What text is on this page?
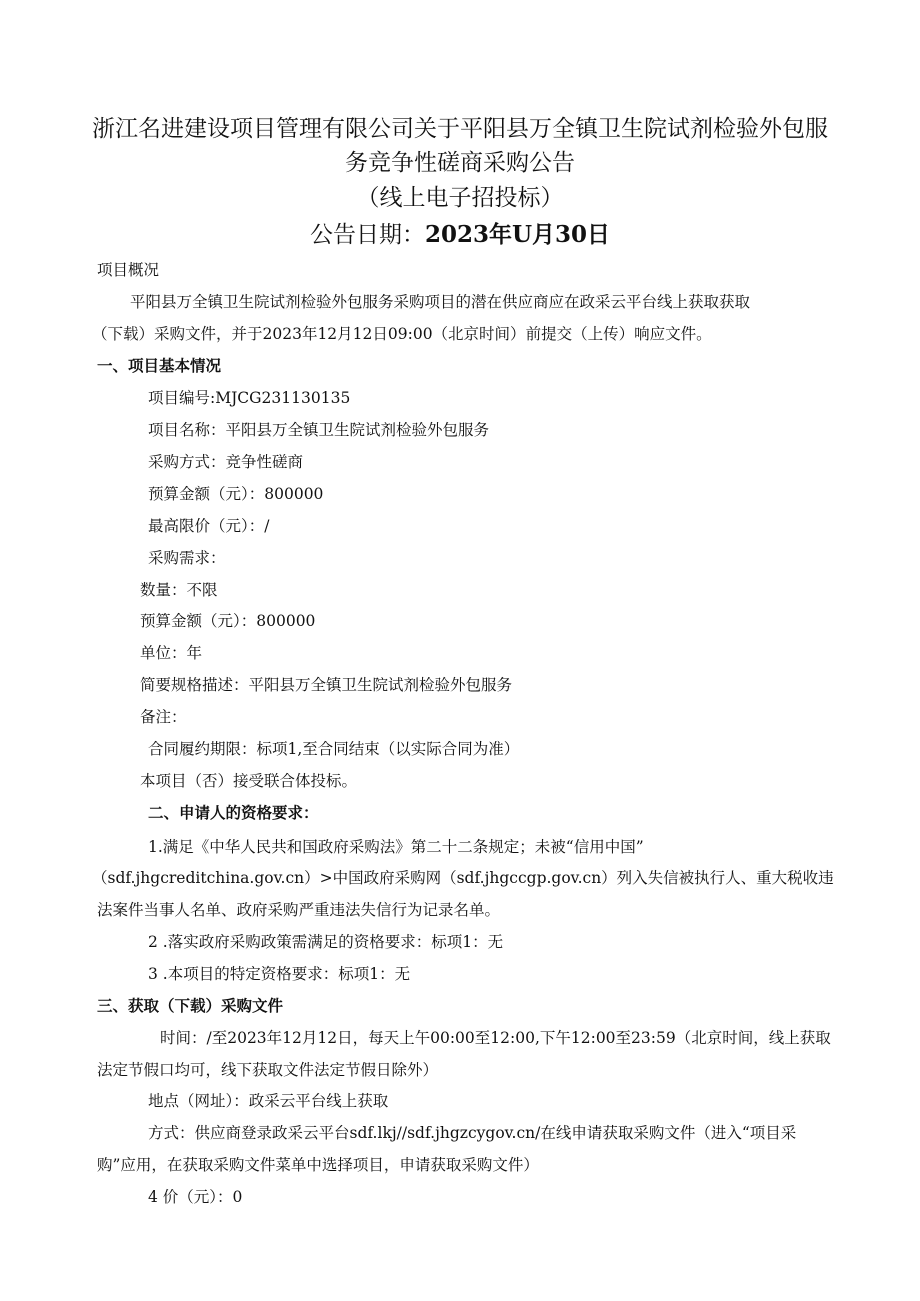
浙江名进建设项目管理有限公司关于平阳县万全镇卫生院试剂检验外包服
务竞争性磋商采购公告
（线上电子招投标）
公告日期：2023年U月30日
项目概况
平阳县万全镇卫生院试剂检验外包服务采购项目的潜在供应商应在政采云平台线上获取获取
（下载）采购文件，并于2023年12月12日09:00（北京时间）前提交（上传）响应文件。
一、项目基本情况
项目编号:MJCG231130135
项目名称：平阳县万全镇卫生院试剂检验外包服务
采购方式：竞争性磋商
预算金额（元）：800000
最高限价（元）：/
采购需求：
数量：不限
预算金额（元）：800000
单位：年
简要规格描述：平阳县万全镇卫生院试剂检验外包服务
备注：
合同履约期限：标项1,至合同结束（以实际合同为准）
本项目（否）接受联合体投标。
二、申请人的资格要求：
1.满足《中华人民共和国政府采购法》第二十二条规定；未被“信用中国”
（sdf.jhgcreditchina.gov.cn）>中国政府采购网（sdf.jhgccgp.gov.cn）列入失信被执行人、重大税收违
法案件当事人名单、政府采购严重违法失信行为记录名单。
2 .落实政府采购政策需满足的资格要求：标项1：无
3 .本项目的特定资格要求：标项1：无
三、获取（下载）采购文件
时间：/至2023年12月12日，每天上午00:00至12:00,下午12:00至23:59（北京时间，线上获取
法定节假口均可，线下获取文件法定节假日除外）
地点（网址）：政采云平台线上获取
方式：供应商登录政采云平台sdf.lkj//sdf.jhgzcygov.cn/在线申请获取采购文件（进入“项目采
购”应用，在获取采购文件菜单中选择项目，申请获取采购文件）
4 价（元）：0
